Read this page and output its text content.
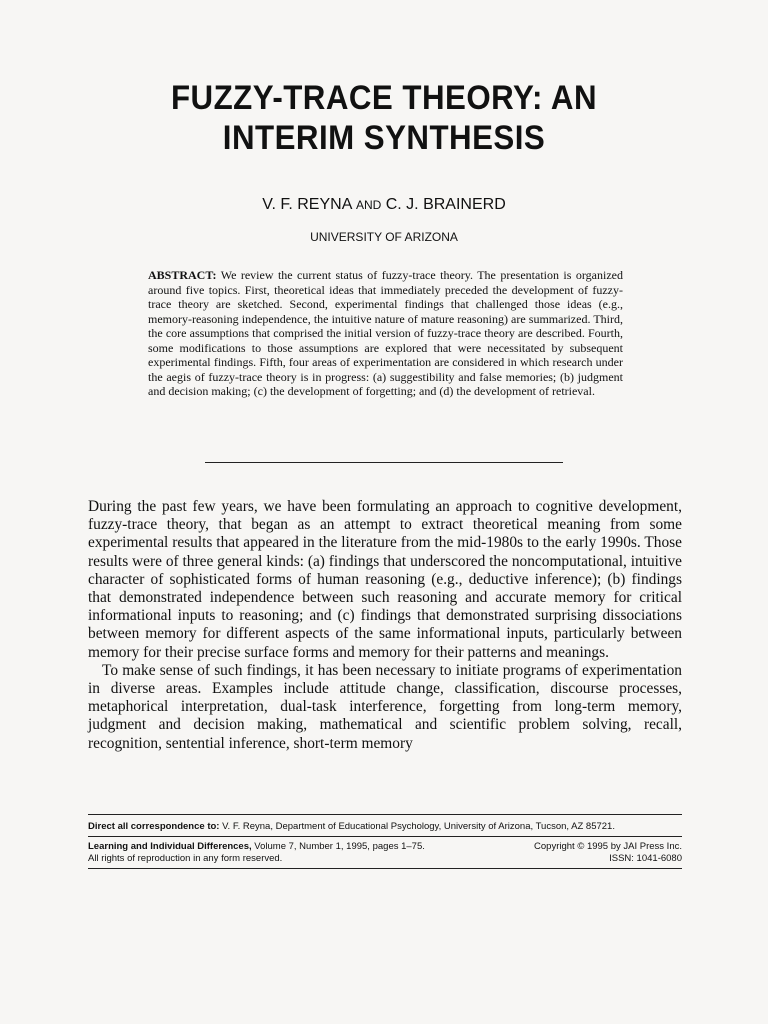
FUZZY-TRACE THEORY: AN
INTERIM SYNTHESIS
V. F. REYNA AND C. J. BRAINERD
UNIVERSITY OF ARIZONA
ABSTRACT: We review the current status of fuzzy-trace theory. The presentation is organized around five topics. First, theoretical ideas that immediately preceded the development of fuzzy-trace theory are sketched. Second, experimental findings that challenged those ideas (e.g., memory-reasoning independence, the intuitive nature of mature reasoning) are summarized. Third, the core assumptions that comprised the initial version of fuzzy-trace theory are described. Fourth, some modifications to those assumptions are explored that were necessitated by subsequent experimental findings. Fifth, four areas of experimentation are considered in which research under the aegis of fuzzy-trace theory is in progress: (a) suggestibility and false memories; (b) judgment and decision making; (c) the development of forgetting; and (d) the development of retrieval.

During the past few years, we have been formulating an approach to cognitive development, fuzzy-trace theory, that began as an attempt to extract theoretical meaning from some experimental results that appeared in the literature from the mid-1980s to the early 1990s. Those results were of three general kinds: (a) findings that underscored the noncomputational, intuitive character of sophisticated forms of human reasoning (e.g., deductive inference); (b) findings that demonstrated independence between such reasoning and accurate memory for critical informational inputs to reasoning; and (c) findings that demonstrated surprising dissociations between memory for different aspects of the same informational inputs, particularly between memory for their precise surface forms and memory for their patterns and meanings.

To make sense of such findings, it has been necessary to initiate programs of experimentation in diverse areas. Examples include attitude change, classification, discourse processes, metaphorical interpretation, dual-task interference, forgetting from long-term memory, judgment and decision making, mathematical and scientific problem solving, recall, recognition, sentential inference, short-term memory

Direct all correspondence to: V. F. Reyna, Department of Educational Psychology, University of Arizona, Tucson, AZ 85721.
Learning and Individual Differences, Volume 7, Number 1, 1995, pages 1–75.	Copyright © 1995 by JAI Press Inc.
All rights of reproduction in any form reserved.	ISSN: 1041-6080
